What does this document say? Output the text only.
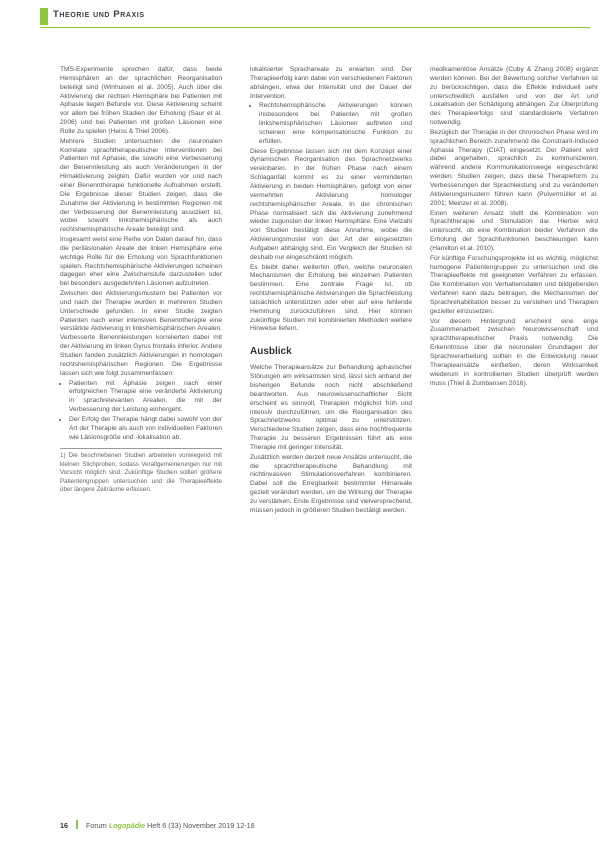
Theorie und Praxis

TMS-Experimente sprechen dafür, dass beide Hemisphären an der sprachlichen Reorganisation beteiligt sind (Winhuisen et al. 2005). Auch über die Aktivierung der rechten Hemisphäre bei Patienten mit Aphasie liegen Befunde vor. Diese Aktivierung scheint vor allem bei frühen Stadien der Erholung (Saur et al. 2006) und bei Patienten mit großen Läsionen eine Rolle zu spielen (Heiss & Thiel 2006).

Mehrere Studien untersuchten die neuronalen Korrelate sprachtherapeutischer Interventionen bei Patienten mit Aphasie, die sowohl eine Verbesserung der Benennleistung als auch Veränderungen in der Hirnaktivierung zeigten. Dafür wurden vor und nach einer Benenntherapie funktionelle Aufnahmen erstellt. Die Ergebnisse dieser Studien zeigen, dass die Zunahme der Aktivierung in bestimmten Regionen mit der Verbesserung der Benennleistung assoziiert ist, wobei sowohl linkshemisphärische als auch rechtshemisphärische Areale beteiligt sind.

Insgesamt weist eine Reihe von Daten darauf hin, dass die periläsionalen Areale der linken Hemisphäre eine wichtige Rolle für die Erholung von Sprachfunktionen spielen. Rechtshemisphärische Aktivierungen scheinen dagegen eher eine Zwischenstufe darzustellen oder bei besonders ausgedehnten Läsionen aufzutreten.

Zwischen den Aktivierungsmustern bei Patienten vor und nach der Therapie wurden in mehreren Studien Unterschiede gefunden. In einer Studie zeigten Patienten nach einer intensiven Benenntherapie eine verstärkte Aktivierung in linkshemisphärischen Arealen. Verbesserte Benennleistungen korrelierten dabei mit der Aktivierung im linken Gyrus frontalis inferior. Andere Studien fanden zusätzlich Aktivierungen in homologen rechtshemisphärischen Regionen. Die Ergebnisse lassen sich wie folgt zusammenfassen:

• Patienten mit Aphasie zeigen nach einer erfolgreichen Therapie eine veränderte Aktivierung in sprachrelevanten Arealen, die mit der Verbesserung der Leistung einhergeht.
• Der Erfolg der Therapie hängt dabei sowohl von der Art der Therapie als auch von individuellen Faktoren wie Läsionsgröße und -lokalisation ab.
1) Die beschriebenen Studien arbeiteten vorwiegend mit kleinen Stichproben, sodass Verallgemeinerungen nur mit Vorsicht möglich sind. Zukünftige Studien sollten größere Patientengruppen untersuchen und die Therapieeffekte über längere Zeiträume erfassen.

lokalisierter Sprachareale zu erwarten sind. Der Therapieerfolg kann dabei von verschiedenen Faktoren abhängen, etwa der Intensität und der Dauer der Intervention.

• Rechtshemisphärische Aktivierungen können insbesondere bei Patienten mit großen linkshemisphärischen Läsionen auftreten und scheinen eine kompensatorische Funktion zu erfüllen.

Diese Ergebnisse lassen sich mit dem Konzept einer dynamischen Reorganisation des Sprachnetzwerks vereinbaren. In der frühen Phase nach einem Schlaganfall kommt es zu einer verminderten Aktivierung in beiden Hemisphären, gefolgt von einer vermehrten Aktivierung homologer rechtshemisphärischer Areale. In der chronischen Phase normalisiert sich die Aktivierung zunehmend wieder zugunsten der linken Hemisphäre. Eine Vielzahl von Studien bestätigt diese Annahme, wobei die Aktivierungsmuster von der Art der eingesetzten Aufgaben abhängig sind. Ein Vergleich der Studien ist deshalb nur eingeschränkt möglich.

Es bleibt daher weiterhin offen, welche neuronalen Mechanismen die Erholung bei einzelnen Patienten bestimmen. Eine zentrale Frage ist, ob rechtshemisphärische Aktivierungen die Sprachleistung tatsächlich unterstützen oder eher auf eine fehlende Hemmung zurückzuführen sind. Hier können zukünftige Studien mit kombinierten Methoden weitere Hinweise liefern.

Ausblick

Welche Therapieansätze zur Behandlung aphasischer Störungen am wirksamsten sind, lässt sich anhand der bisherigen Befunde noch nicht abschließend beantworten. Aus neurowissenschaftlicher Sicht erscheint es sinnvoll, Therapien möglichst früh und intensiv durchzuführen, um die Reorganisation des Sprachnetzwerks optimal zu unterstützen. Verschiedene Studien zeigen, dass eine hochfrequente Therapie zu besseren Ergebnissen führt als eine Therapie mit geringer Intensität.

Zusätzlich werden derzeit neue Ansätze untersucht, die die sprachtherapeutische Behandlung mit nichtinvasiven Stimulationsverfahren kombinieren. Dabei soll die Erregbarkeit bestimmter Hirnareale gezielt verändert werden, um die Wirkung der Therapie zu verstärken. Erste Ergebnisse sind vielversprechend, müssen jedoch in größeren Studien bestätigt werden.

medikamentöse Ansätze (Cuby & Zhang 2008) ergänzt werden können. Bei der Bewertung solcher Verfahren ist zu berücksichtigen, dass die Effekte individuell sehr unterschiedlich ausfallen und von der Art und Lokalisation der Schädigung abhängen. Zur Überprüfung des Therapieerfolgs sind standardisierte Verfahren notwendig.

Bezüglich der Therapie in der chronischen Phase wird im sprachlichen Bereich zunehmend die Constraint-Induced Aphasia Therapy (CIAT) eingesetzt. Der Patient wird dabei angehalten, sprachlich zu kommunizieren, während andere Kommunikationswege eingeschränkt werden. Studien zeigen, dass diese Therapieform zu Verbesserungen der Sprachleistung und zu veränderten Aktivierungsmustern führen kann (Pulvermüller et al. 2001; Meinzer et al. 2008).

Einen weiteren Ansatz stellt die Kombination von Sprachtherapie und Stimulation dar. Hierbei wird untersucht, ob eine Kombination beider Verfahren die Erholung der Sprachfunktionen beschleunigen kann (Hamilton et al. 2010).

Für künftige Forschungsprojekte ist es wichtig, möglichst homogene Patientengruppen zu untersuchen und die Therapieeffekte mit geeigneten Verfahren zu erfassen. Die Kombination von Verhaltensdaten und bildgebenden Verfahren kann dazu beitragen, die Mechanismen der Sprachrehabilitation besser zu verstehen und Therapien gezielter einzusetzen.

Vor diesem Hintergrund erscheint eine enge Zusammenarbeit zwischen Neurowissenschaft und sprachtherapeutischer Praxis notwendig. Die Erkenntnisse über die neuronalen Grundlagen der Sprachverarbeitung sollten in die Entwicklung neuer Therapieansätze einfließen, deren Wirksamkeit wiederum in kontrollierten Studien überprüft werden muss (Thiel & Zumbansen 2016).

16	Forum Logopädie Heft 6 (33) November 2019 12-18
